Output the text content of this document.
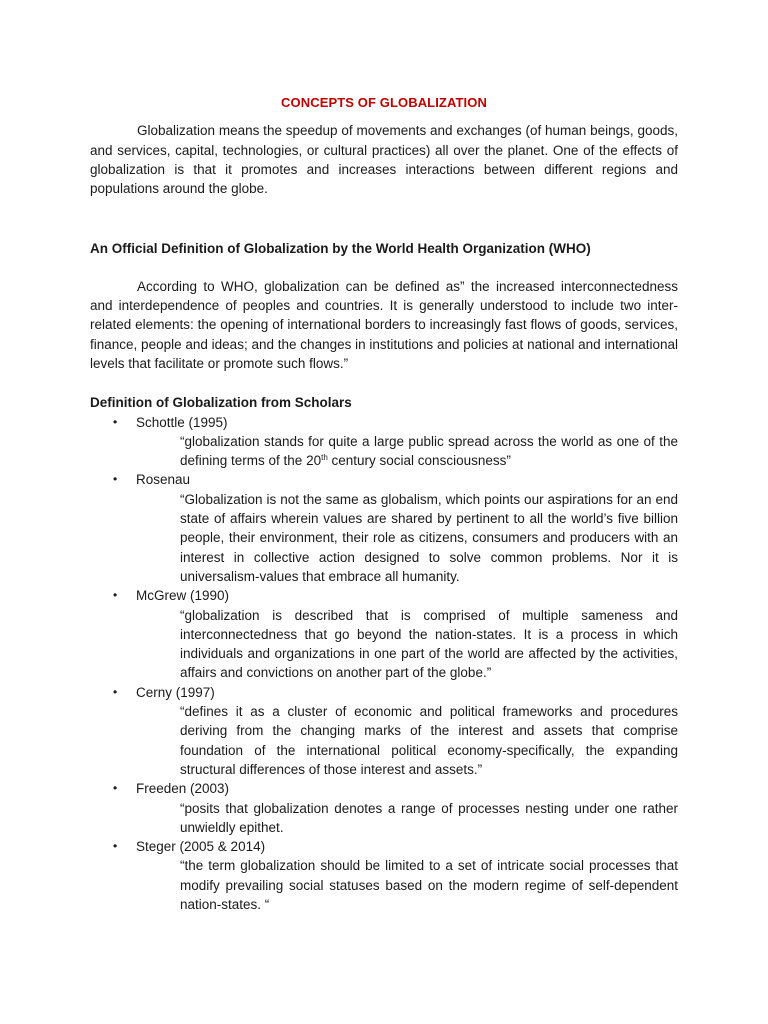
CONCEPTS OF GLOBALIZATION

Globalization means the speedup of movements and exchanges (of human beings, goods, and services, capital, technologies, or cultural practices) all over the planet. One of the effects of globalization is that it promotes and increases interactions between different regions and populations around the globe.

An Official Definition of Globalization by the World Health Organization (WHO)

According to WHO, globalization can be defined as” the increased interconnectedness and interdependence of peoples and countries. It is generally understood to include two inter-related elements: the opening of international borders to increasingly fast flows of goods, services, finance, people and ideas; and the changes in institutions and policies at national and international levels that facilitate or promote such flows.”

Definition of Globalization from Scholars

• Schottle (1995)
“globalization stands for quite a large public spread across the world as one of the defining terms of the 20th century social consciousness”
• Rosenau
“Globalization is not the same as globalism, which points our aspirations for an end state of affairs wherein values are shared by pertinent to all the world’s five billion people, their environment, their role as citizens, consumers and producers with an interest in collective action designed to solve common problems. Nor it is universalism-values that embrace all humanity.
• McGrew (1990)
“globalization is described that is comprised of multiple sameness and interconnectedness that go beyond the nation-states. It is a process in which individuals and organizations in one part of the world are affected by the activities, affairs and convictions on another part of the globe.”
• Cerny (1997)
“defines it as a cluster of economic and political frameworks and procedures deriving from the changing marks of the interest and assets that comprise foundation of the international political economy-specifically, the expanding structural differences of those interest and assets.”
• Freeden (2003)
“posits that globalization denotes a range of processes nesting under one rather unwieldly epithet.
• Steger (2005 & 2014)
“the term globalization should be limited to a set of intricate social processes that modify prevailing social statuses based on the modern regime of self-dependent nation-states. “
